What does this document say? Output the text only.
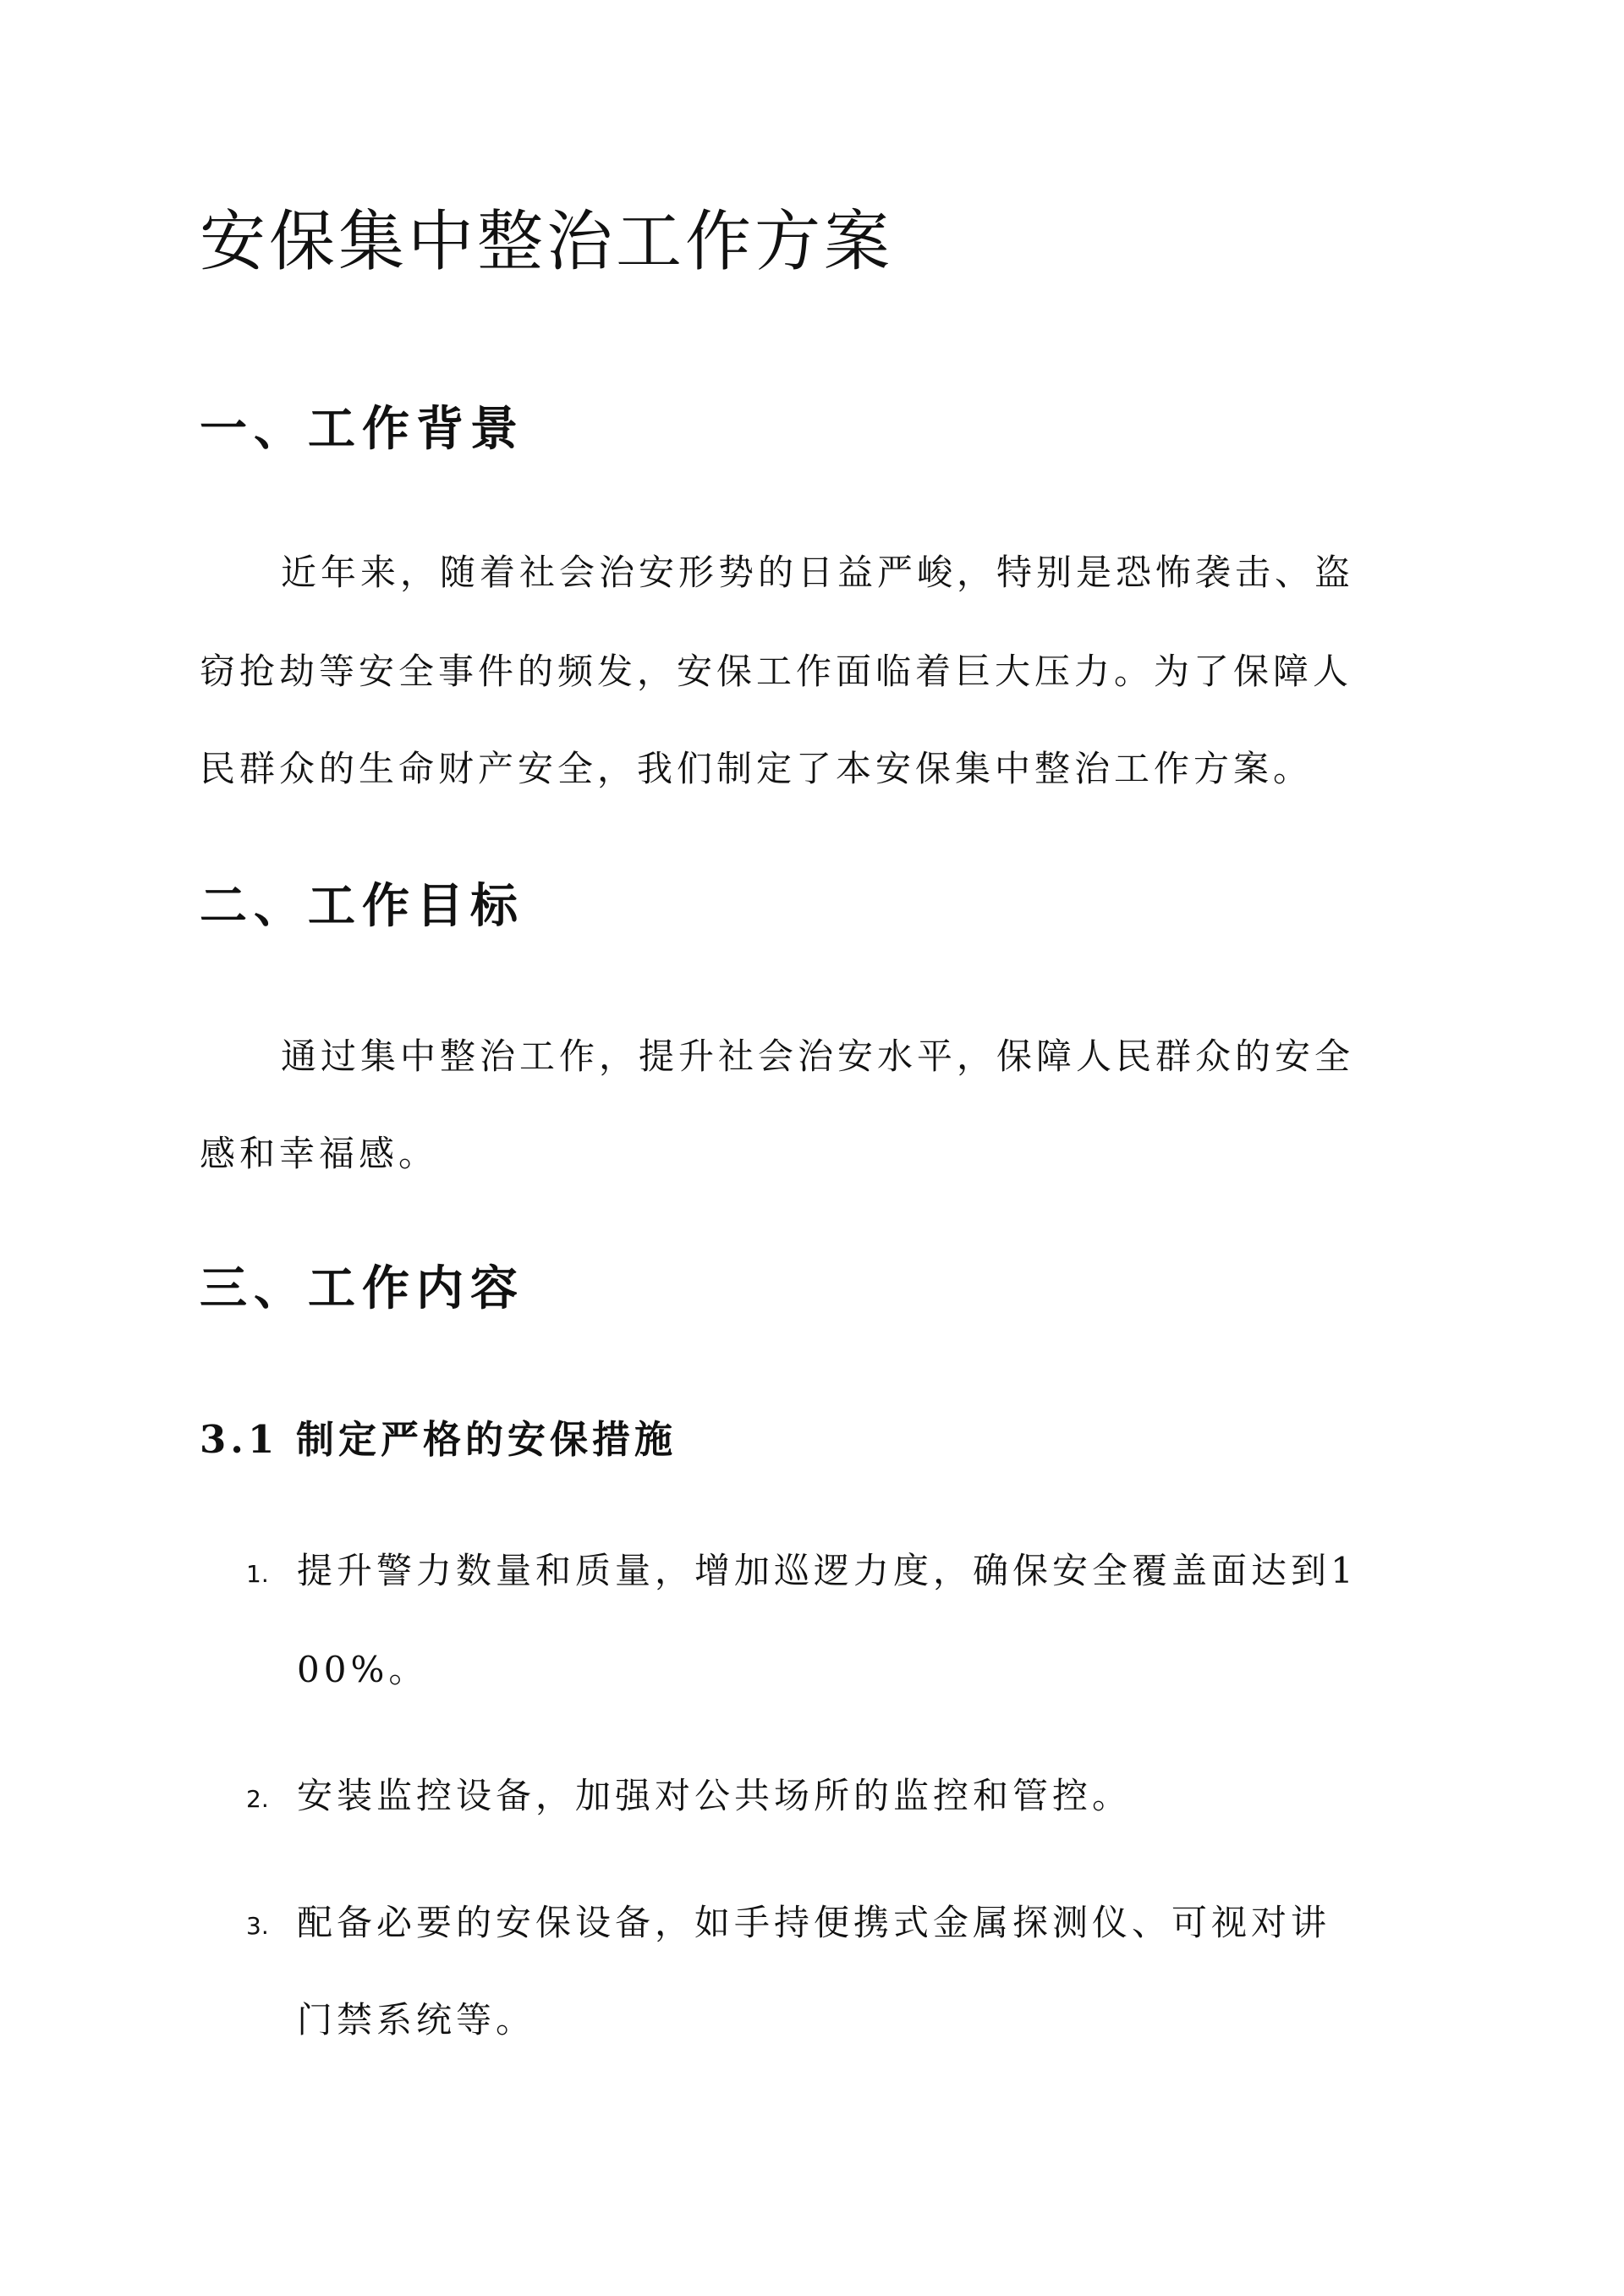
安保集中整治工作方案
一、工作背景
近年来，随着社会治安形势的日益严峻，特别是恐怖袭击、盗
窃抢劫等安全事件的频发，安保工作面临着巨大压力。为了保障人
民群众的生命财产安全，我们制定了本安保集中整治工作方案。
二、工作目标
通过集中整治工作，提升社会治安水平，保障人民群众的安全
感和幸福感。
三、工作内容
3.1 制定严格的安保措施
1. 提升警力数量和质量，增加巡逻力度，确保安全覆盖面达到1
00%。
2. 安装监控设备，加强对公共场所的监控和管控。
3. 配备必要的安保设备，如手持便携式金属探测仪、可视对讲
门禁系统等。
